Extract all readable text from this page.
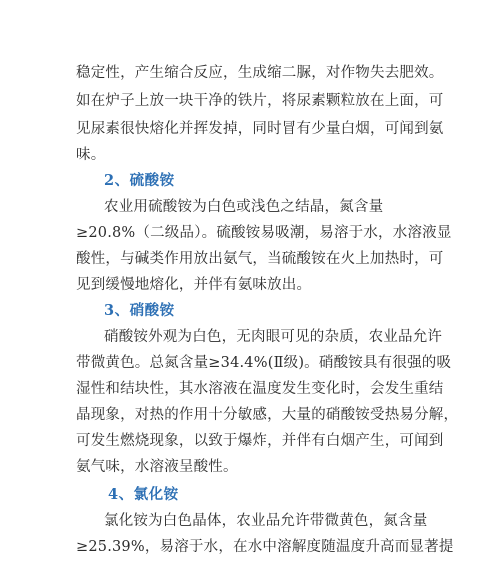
稳定性，产生缩合反应，生成缩二脲，对作物失去肥效。
如在炉子上放一块干净的铁片，将尿素颗粒放在上面，可
见尿素很快熔化并挥发掉，同时冒有少量白烟，可闻到氨
味。
2、硫酸铵
农业用硫酸铵为白色或浅色之结晶，氮含量
≥20.8%（二级品）。硫酸铵易吸潮，易溶于水，水溶液显
酸性，与碱类作用放出氨气，当硫酸铵在火上加热时，可
见到缓慢地熔化，并伴有氨味放出。
3、硝酸铵
硝酸铵外观为白色，无肉眼可见的杂质，农业品允许
带微黄色。总氮含量≥34.4%(Ⅱ级)。硝酸铵具有很强的吸
湿性和结块性，其水溶液在温度发生变化时，会发生重结
晶现象，对热的作用十分敏感，大量的硝酸铵受热易分解，
可发生燃烧现象，以致于爆炸，并伴有白烟产生，可闻到
氨气味，水溶液呈酸性。
4、氯化铵
氯化铵为白色晶体，农业品允许带微黄色，氮含量
≥25.39%，易溶于水，在水中溶解度随温度升高而显著提
